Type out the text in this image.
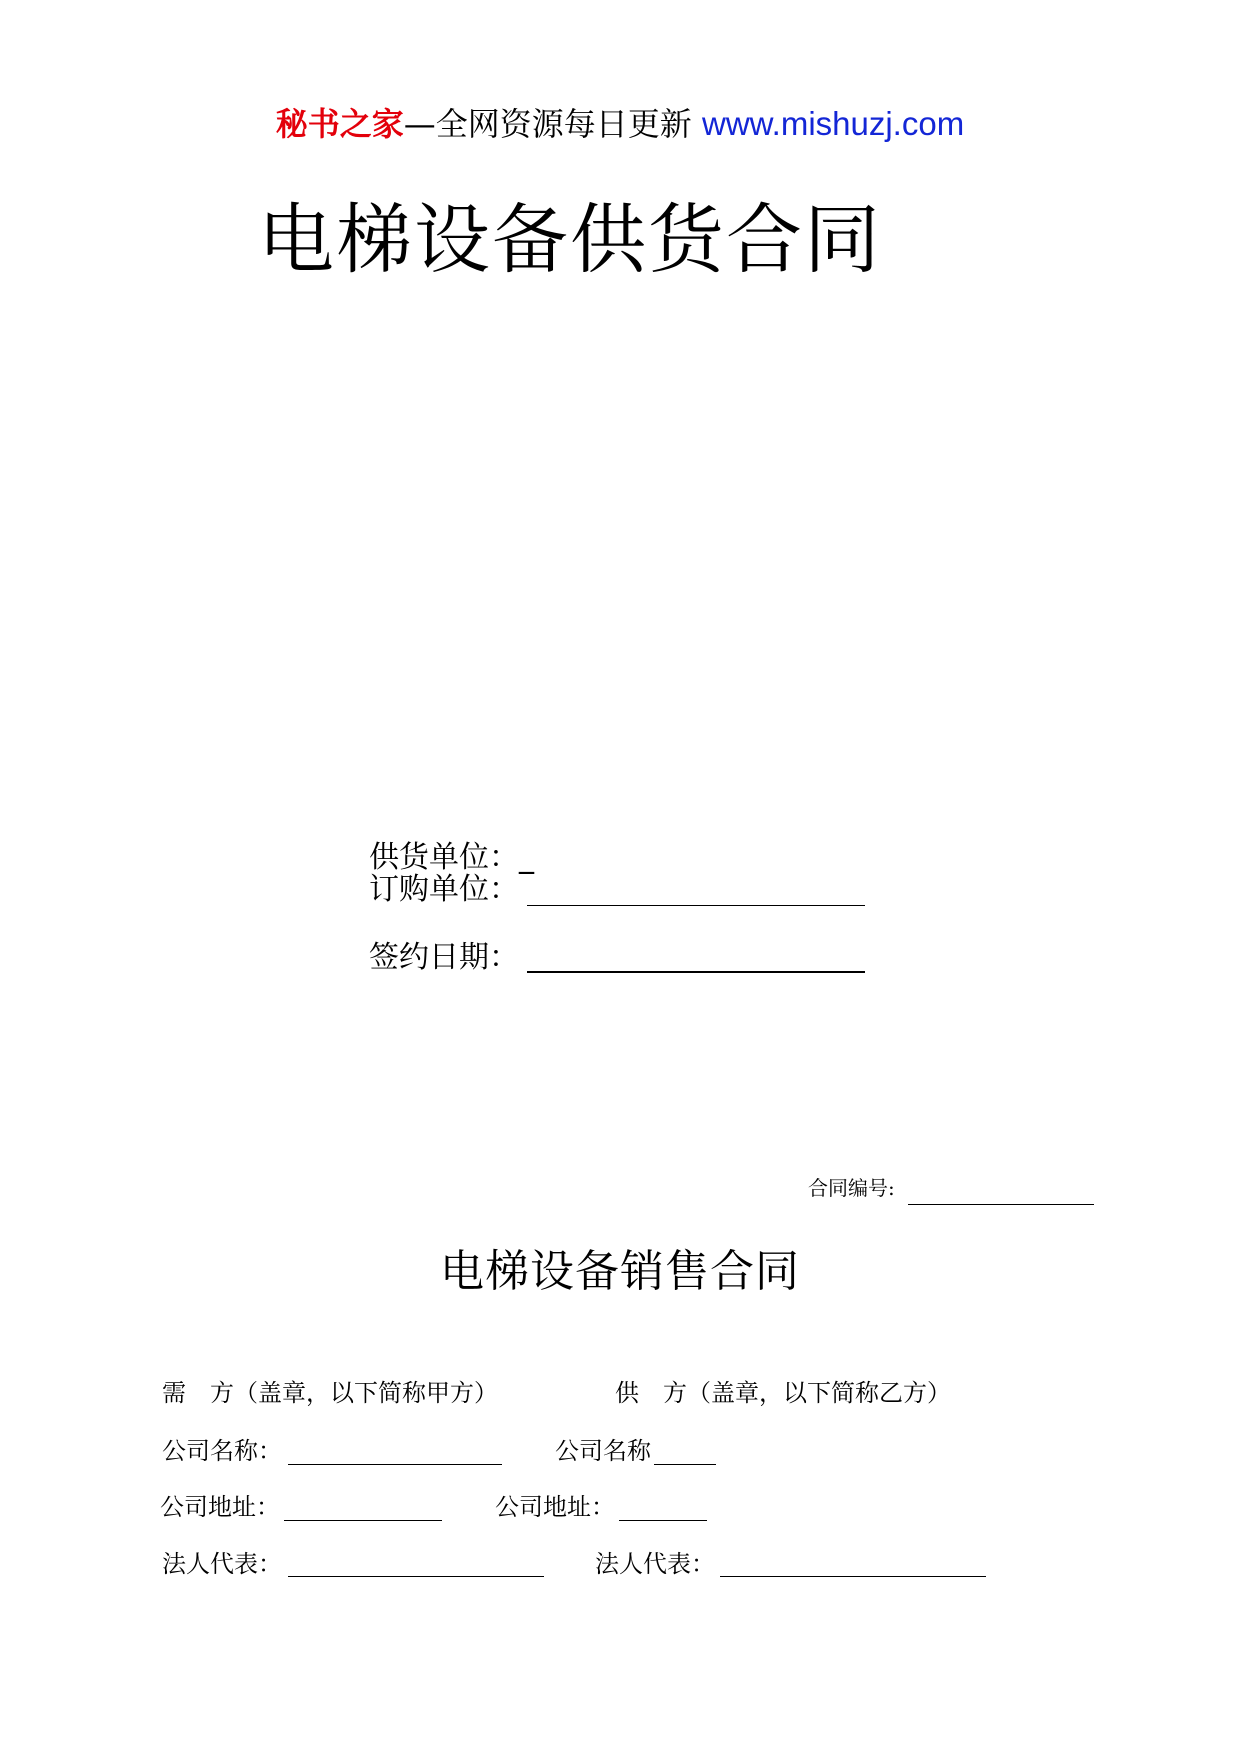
秘书之家—全网资源每日更新 www.mishuzj.com
电梯设备供货合同
供货单位：_
订购单位：
签约日期：
合同编号:
电梯设备销售合同
需　方（盖章，以下简称甲方）	供　方（盖章，以下简称乙方）
公司名称：	公司名称
公司地址：	公司地址：
法人代表：	法人代表：
